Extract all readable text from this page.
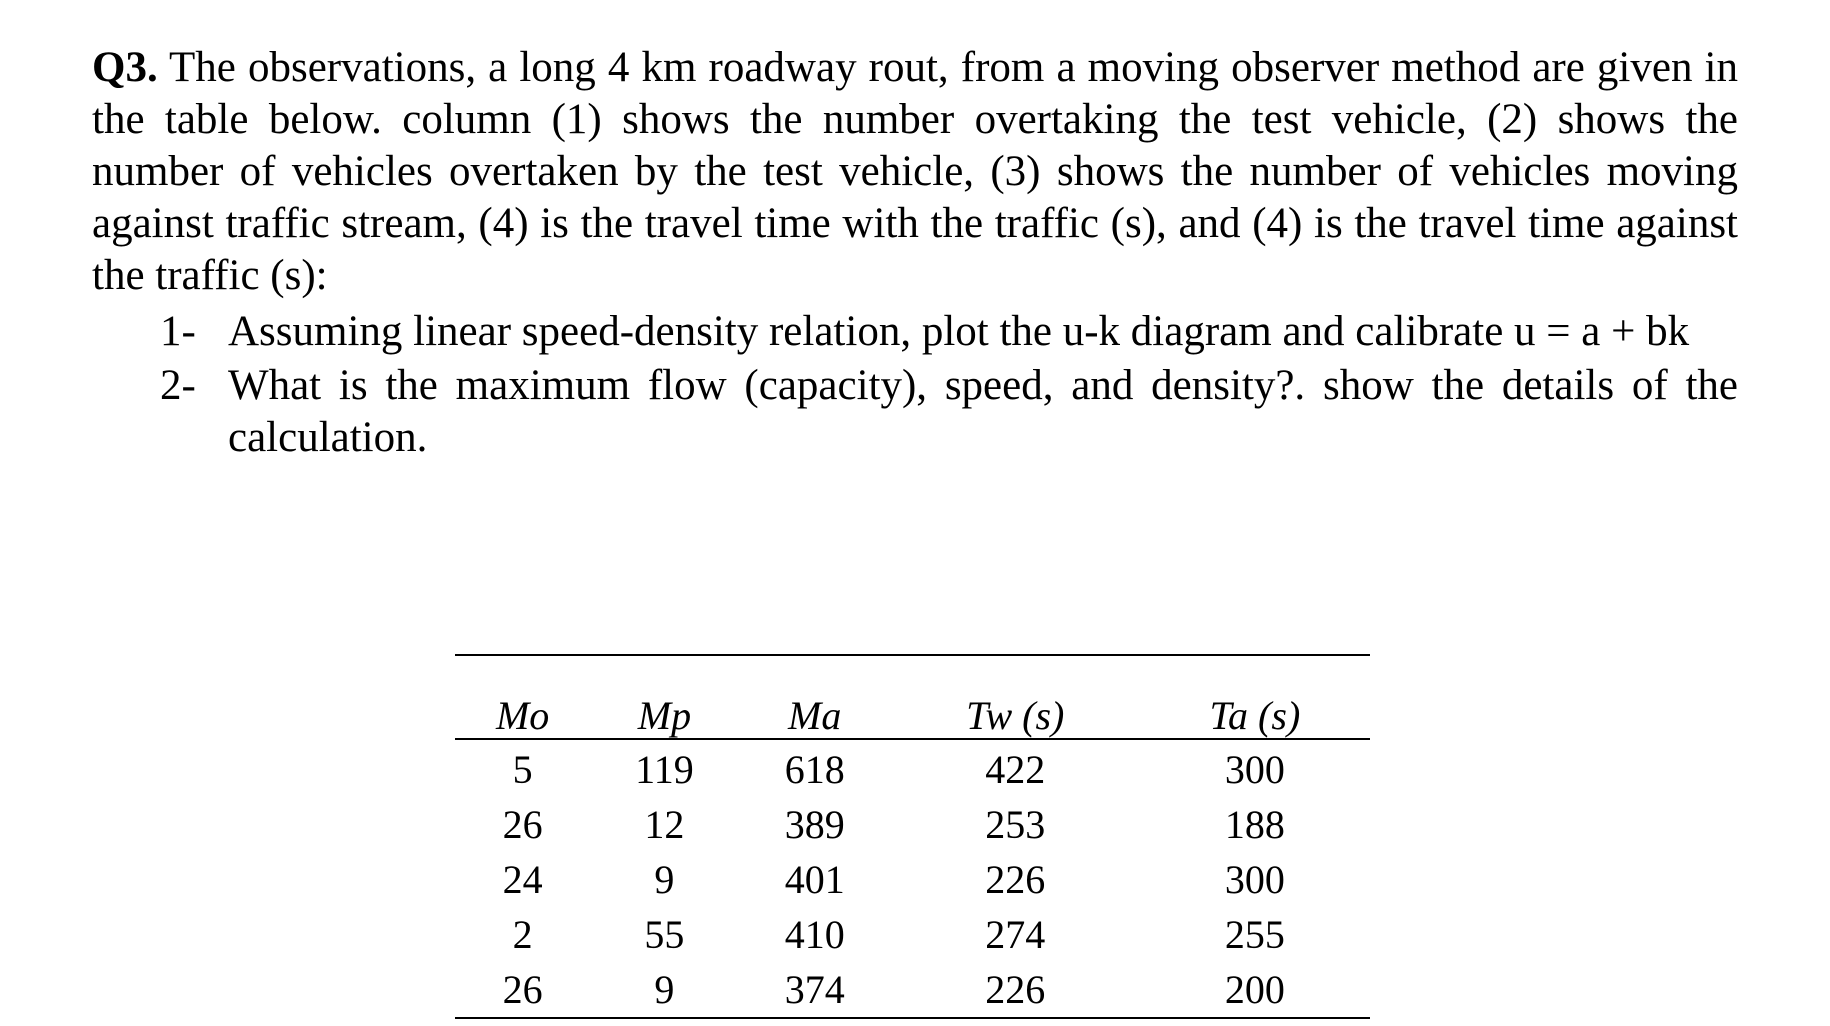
Q3. The observations, a long 4 km roadway rout, from a moving observer method are given in the table below. column (1) shows the number overtaking the test vehicle, (2) shows the number of vehicles overtaken by the test vehicle, (3) shows the number of vehicles moving against traffic stream, (4) is the travel time with the traffic (s), and (4) is the travel time against the traffic (s):

1- Assuming linear speed-density relation, plot the u-k diagram and calibrate u = a + bk
2- What is the maximum flow (capacity), speed, and density?. show the details of the calculation.
Mo	Mp	Ma	Tw (s)	Ta (s)
5	119	618	422	300
26	12	389	253	188
24	9	401	226	300
2	55	410	274	255
26	9	374	226	200
